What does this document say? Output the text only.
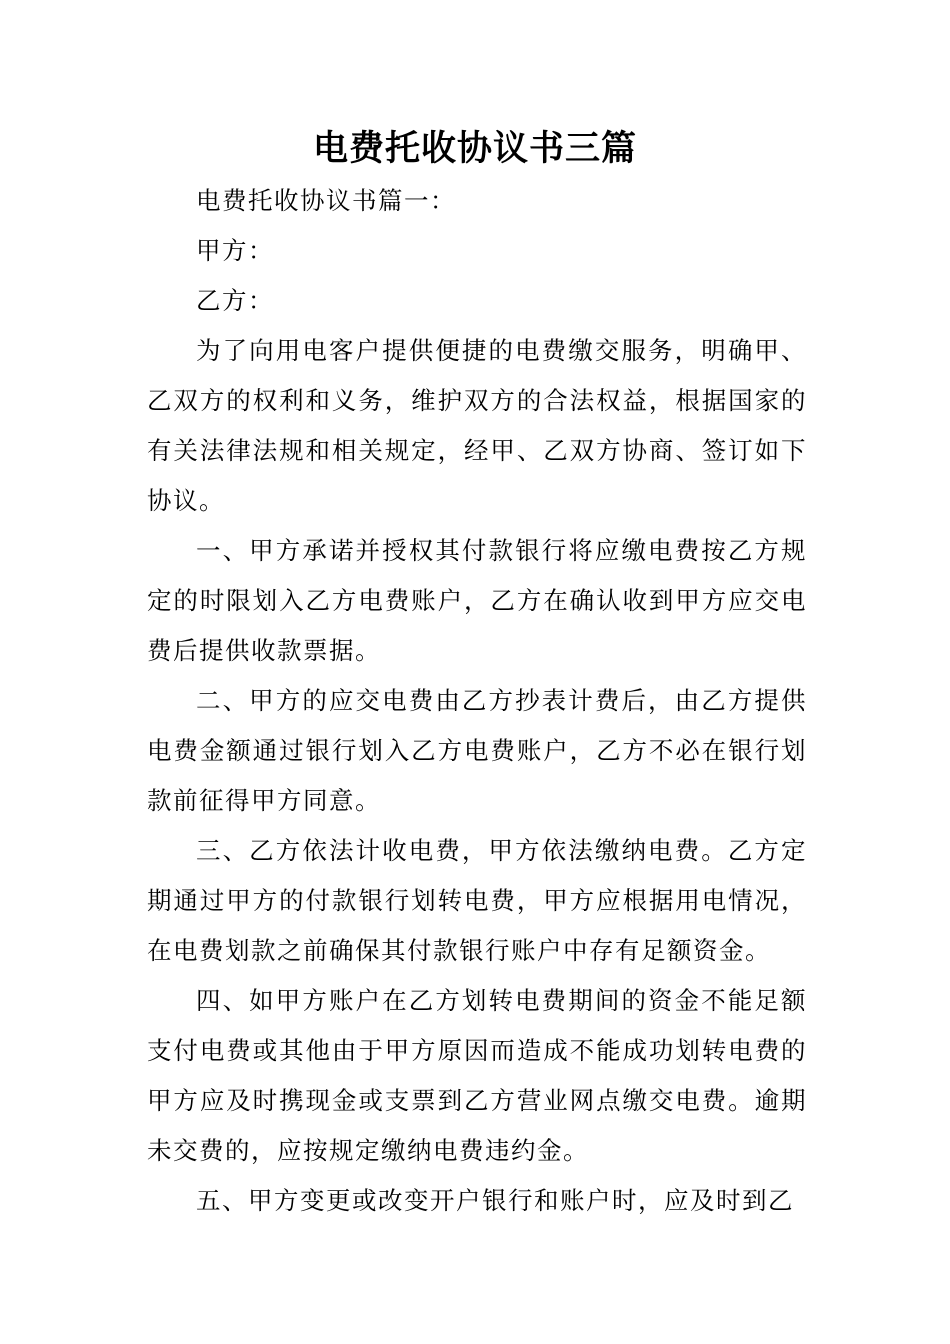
电费托收协议书三篇

电费托收协议书篇一：

甲方：

乙方：

为了向用电客户提供便捷的电费缴交服务，明确甲、乙双方的权利和义务，维护双方的合法权益，根据国家的有关法律法规和相关规定，经甲、乙双方协商、签订如下协议。

一、甲方承诺并授权其付款银行将应缴电费按乙方规定的时限划入乙方电费账户，乙方在确认收到甲方应交电费后提供收款票据。

二、甲方的应交电费由乙方抄表计费后，由乙方提供电费金额通过银行划入乙方电费账户，乙方不必在银行划款前征得甲方同意。

三、乙方依法计收电费，甲方依法缴纳电费。乙方定期通过甲方的付款银行划转电费，甲方应根据用电情况，在电费划款之前确保其付款银行账户中存有足额资金。

四、如甲方账户在乙方划转电费期间的资金不能足额支付电费或其他由于甲方原因而造成不能成功划转电费的甲方应及时携现金或支票到乙方营业网点缴交电费。逾期未交费的，应按规定缴纳电费违约金。

五、甲方变更或改变开户银行和账户时，应及时到乙
